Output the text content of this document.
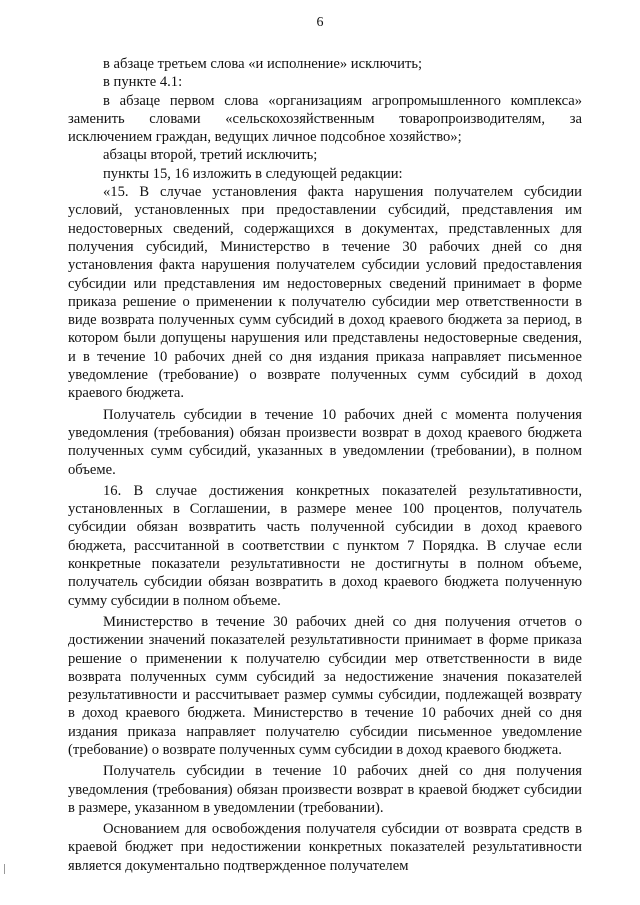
6

в абзаце третьем слова «и исполнение» исключить;

в пункте 4.1:

в абзаце первом слова «организациям агропромышленного комплекса» заменить словами «сельскохозяйственным товаропроизводителям, за исключением граждан, ведущих личное подсобное хозяйство»;

абзацы второй, третий исключить;

пункты 15, 16 изложить в следующей редакции:

«15. В случае установления факта нарушения получателем субсидии условий, установленных при предоставлении субсидий, представления им недостоверных сведений, содержащихся в документах, представленных для получения субсидий, Министерство в течение 30 рабочих дней со дня установления факта нарушения получателем субсидии условий предоставления субсидии или представления им недостоверных сведений принимает в форме приказа решение о применении к получателю субсидии мер ответственности в виде возврата полученных сумм субсидий в доход краевого бюджета за период, в котором были допущены нарушения или представлены недостоверные сведения, и в течение 10 рабочих дней со дня издания приказа направляет письменное уведомление (требование) о возврате полученных сумм субсидий в доход краевого бюджета.

Получатель субсидии в течение 10 рабочих дней с момента получения уведомления (требования) обязан произвести возврат в доход краевого бюджета полученных сумм субсидий, указанных в уведомлении (требовании), в полном объеме.

16. В случае достижения конкретных показателей результативности, установленных в Соглашении, в размере менее 100 процентов, получатель субсидии обязан возвратить часть полученной субсидии в доход краевого бюджета, рассчитанной в соответствии с пунктом 7 Порядка. В случае если конкретные показатели результативности не достигнуты в полном объеме, получатель субсидии обязан возвратить в доход краевого бюджета полученную сумму субсидии в полном объеме.

Министерство в течение 30 рабочих дней со дня получения отчетов о достижении значений показателей результативности принимает в форме приказа решение о применении к получателю субсидии мер ответственности в виде возврата полученных сумм субсидий за недостижение значения показателей результативности и рассчитывает размер суммы субсидии, подлежащей возврату в доход краевого бюджета. Министерство в течение 10 рабочих дней со дня издания приказа направляет получателю субсидии письменное уведомление (требование) о возврате полученных сумм субсидии в доход краевого бюджета.

Получатель субсидии в течение 10 рабочих дней со дня получения уведомления (требования) обязан произвести возврат в краевой бюджет субсидии в размере, указанном в уведомлении (требовании).

Основанием для освобождения получателя субсидии от возврата средств в краевой бюджет при недостижении конкретных показателей результативности является документально подтвержденное получателем
